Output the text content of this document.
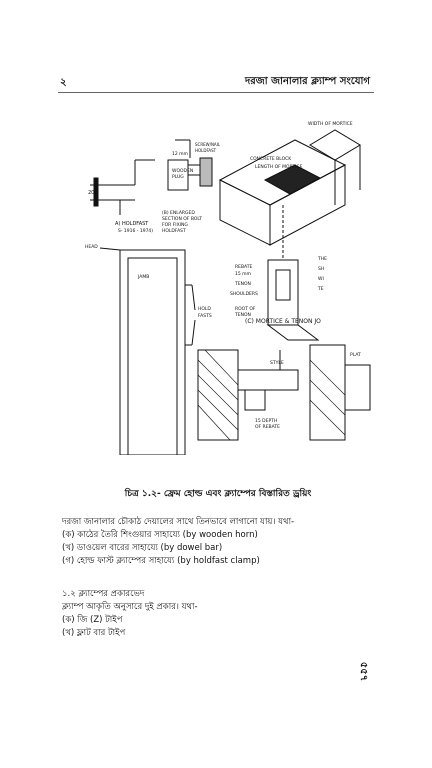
২	দরজা জানালার ক্ল্যাম্প সংযোগ
200
A) HOLDFAST
S- 1916 - 1974)
12 mm
WOODEN
PLUG
SCREW/NAIL
HOLDFAST
(B) ENLARGED
SECTION OF BOLT
FOR FIXING
HOLDFAST
CONCRETE BLOCK
LENGTH OF MORTICE
WIDTH OF MORTICE
REBATE
15 mm
TENON
SHOULDERS
ROOT OF
TENON
THE
SH
WI
TE
(C) MORTICE & TENON JO
HEAD
JAMB
HOLD
FASTS
STYLE
15 DEPTH
OF REBATE
PLAT
চিত্র ১.২- ফ্রেম হোল্ড এবং ক্ল্যাম্পের বিস্তারিত ড্রয়িং
দরজা জানালার চৌকাঠ দেয়ালের সাথে তিনভাবে লাগানো যায়। যথা-
(ক) কাঠের তৈরি শিংগুয়ার সাহায্যে (by wooden horn)
(খ) ডাওয়েল বারের সাহায্যে (by dowel bar)
(গ) হোল্ড ফাস্ট ক্ল্যাম্পের সাহায্যে (by holdfast clamp)
১.২ ক্ল্যাম্পের প্রকারভেদ
ক্ল্যাম্প আকৃতি অনুসারে দুই প্রকার। যথা-
(ক) জি (Z) টাইপ
(খ) ফ্লাট বার টাইপ
৫৫৭
